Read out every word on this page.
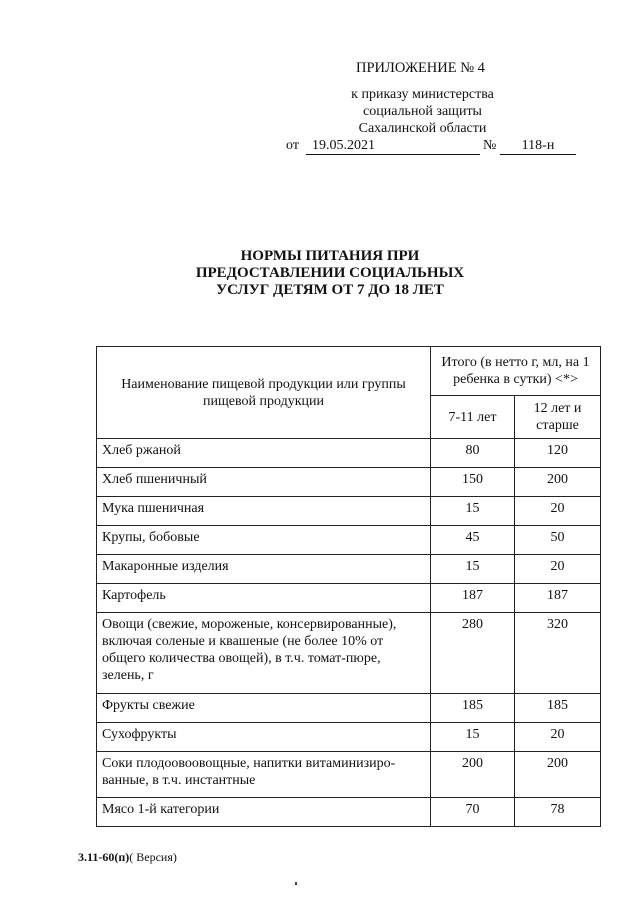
ПРИЛОЖЕНИЕ № 4
к приказу министерства
социальной защиты
Сахалинской области
от 19.05.2021	№	118-н
НОРМЫ ПИТАНИЯ ПРИ
ПРЕДОСТАВЛЕНИИ СОЦИАЛЬНЫХ
УСЛУГ ДЕТЯМ ОТ 7 ДО 18 ЛЕТ
Наименование пищевой продукции или группы пищевой продукции	Итого (в нетто г, мл, на 1 ребенка в сутки) <*>	
	7-11 лет	12 лет и старше
Хлеб ржаной	80	120
Хлеб пшеничный	150	200
Мука пшеничная	15	20
Крупы, бобовые	45	50
Макаронные изделия	15	20
Картофель	187	187
Овощи (свежие, мороженые, консервированные), включая соленые и квашеные (не более 10% от общего количества овощей), в т.ч. томат-пюре, зелень, г	280	320
Фрукты свежие	185	185
Сухофрукты	15	20
Соки плодоовоовощные, напитки витаминизиро-ванные, в т.ч. инстантные	200	200
Мясо 1-й категории	70	78
3.11-60(п)( Версия)
